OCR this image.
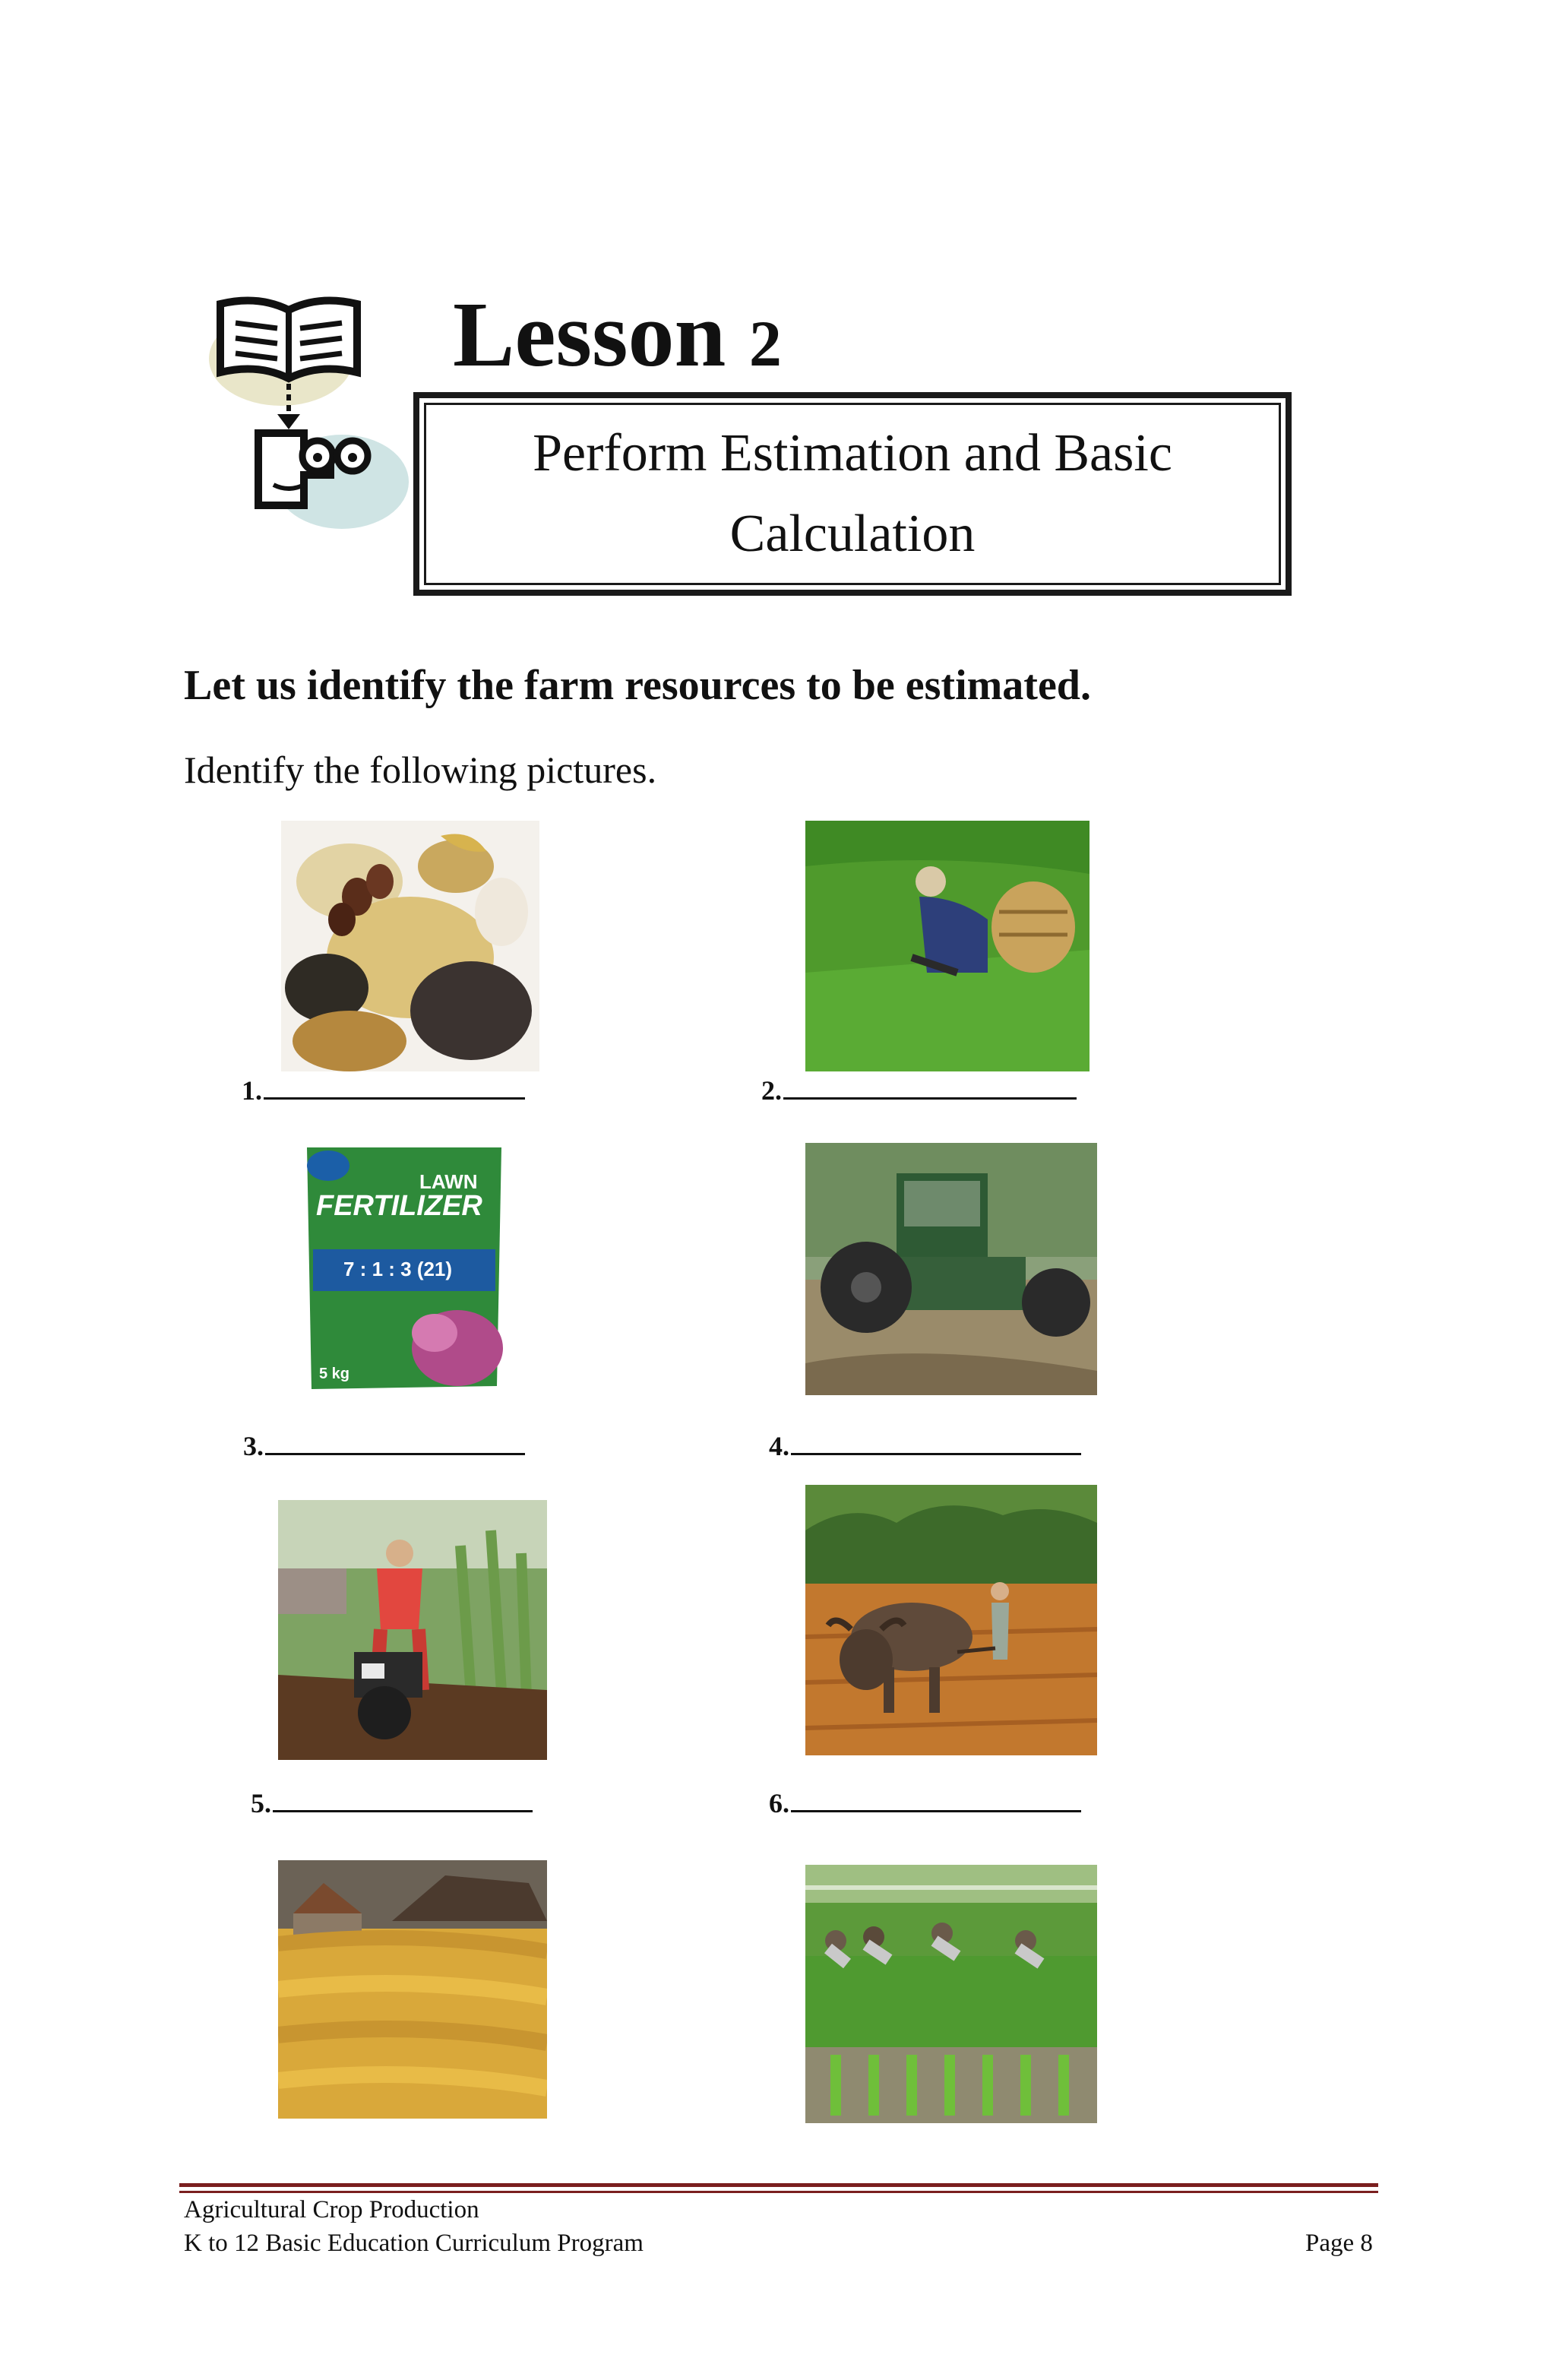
Lesson 2
Perform Estimation and Basic
Calculation
Let us identify the farm resources to be estimated.
Identify the following pictures.
LAWN
FERTILIZER
7 : 1 : 3 (21)
5 kg
1.	2.
3.	4.
5.	6.
Agricultural Crop Production
K to 12 Basic Education Curriculum Program	Page 8
